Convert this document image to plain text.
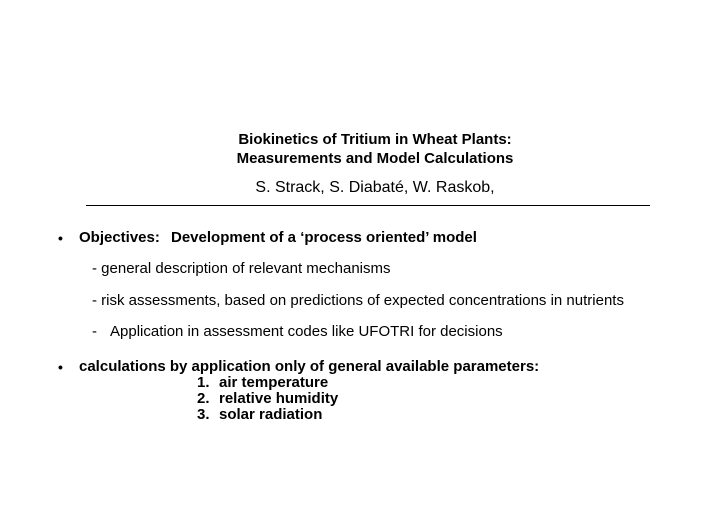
Biokinetics of Tritium in Wheat Plants:
Measurements and Model Calculations
S. Strack, S. Diabaté, W. Raskob,
• Objectives: Development of a ‘process oriented’ model
- general description of relevant mechanisms
- risk assessments, based on predictions of expected concentrations in nutrients
- Application in assessment codes like UFOTRI for decisions
• calculations by application only of general available parameters:
1. air temperature
2. relative humidity
3. solar radiation
